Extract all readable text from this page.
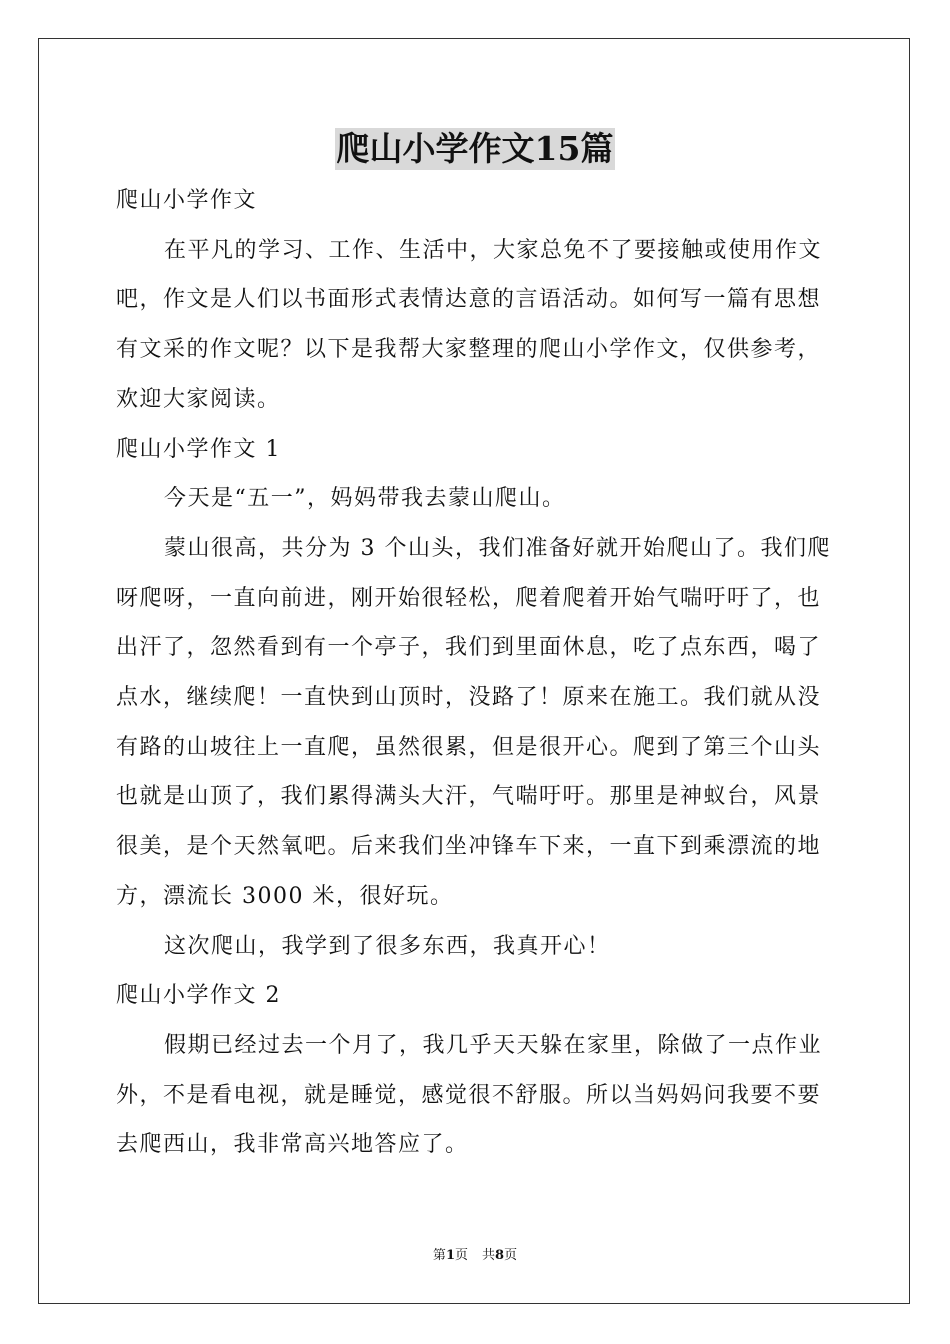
爬山小学作文15篇
爬山小学作文
在平凡的学习、工作、生活中，大家总免不了要接触或使用作文
吧，作文是人们以书面形式表情达意的言语活动。如何写一篇有思想
有文采的作文呢？以下是我帮大家整理的爬山小学作文，仅供参考，
欢迎大家阅读。
爬山小学作文 1
今天是“五一”，妈妈带我去蒙山爬山。
蒙山很高，共分为 3 个山头，我们准备好就开始爬山了。我们爬
呀爬呀，一直向前进，刚开始很轻松，爬着爬着开始气喘吁吁了，也
出汗了，忽然看到有一个亭子，我们到里面休息，吃了点东西，喝了
点水，继续爬！一直快到山顶时，没路了！原来在施工。我们就从没
有路的山坡往上一直爬，虽然很累，但是很开心。爬到了第三个山头
也就是山顶了，我们累得满头大汗，气喘吁吁。那里是神蚁台，风景
很美，是个天然氧吧。后来我们坐冲锋车下来，一直下到乘漂流的地
方，漂流长 3000 米，很好玩。
这次爬山，我学到了很多东西，我真开心！
爬山小学作文 2
假期已经过去一个月了，我几乎天天躲在家里，除做了一点作业
外，不是看电视，就是睡觉，感觉很不舒服。所以当妈妈问我要不要
去爬西山，我非常高兴地答应了。
第1页 共8页
